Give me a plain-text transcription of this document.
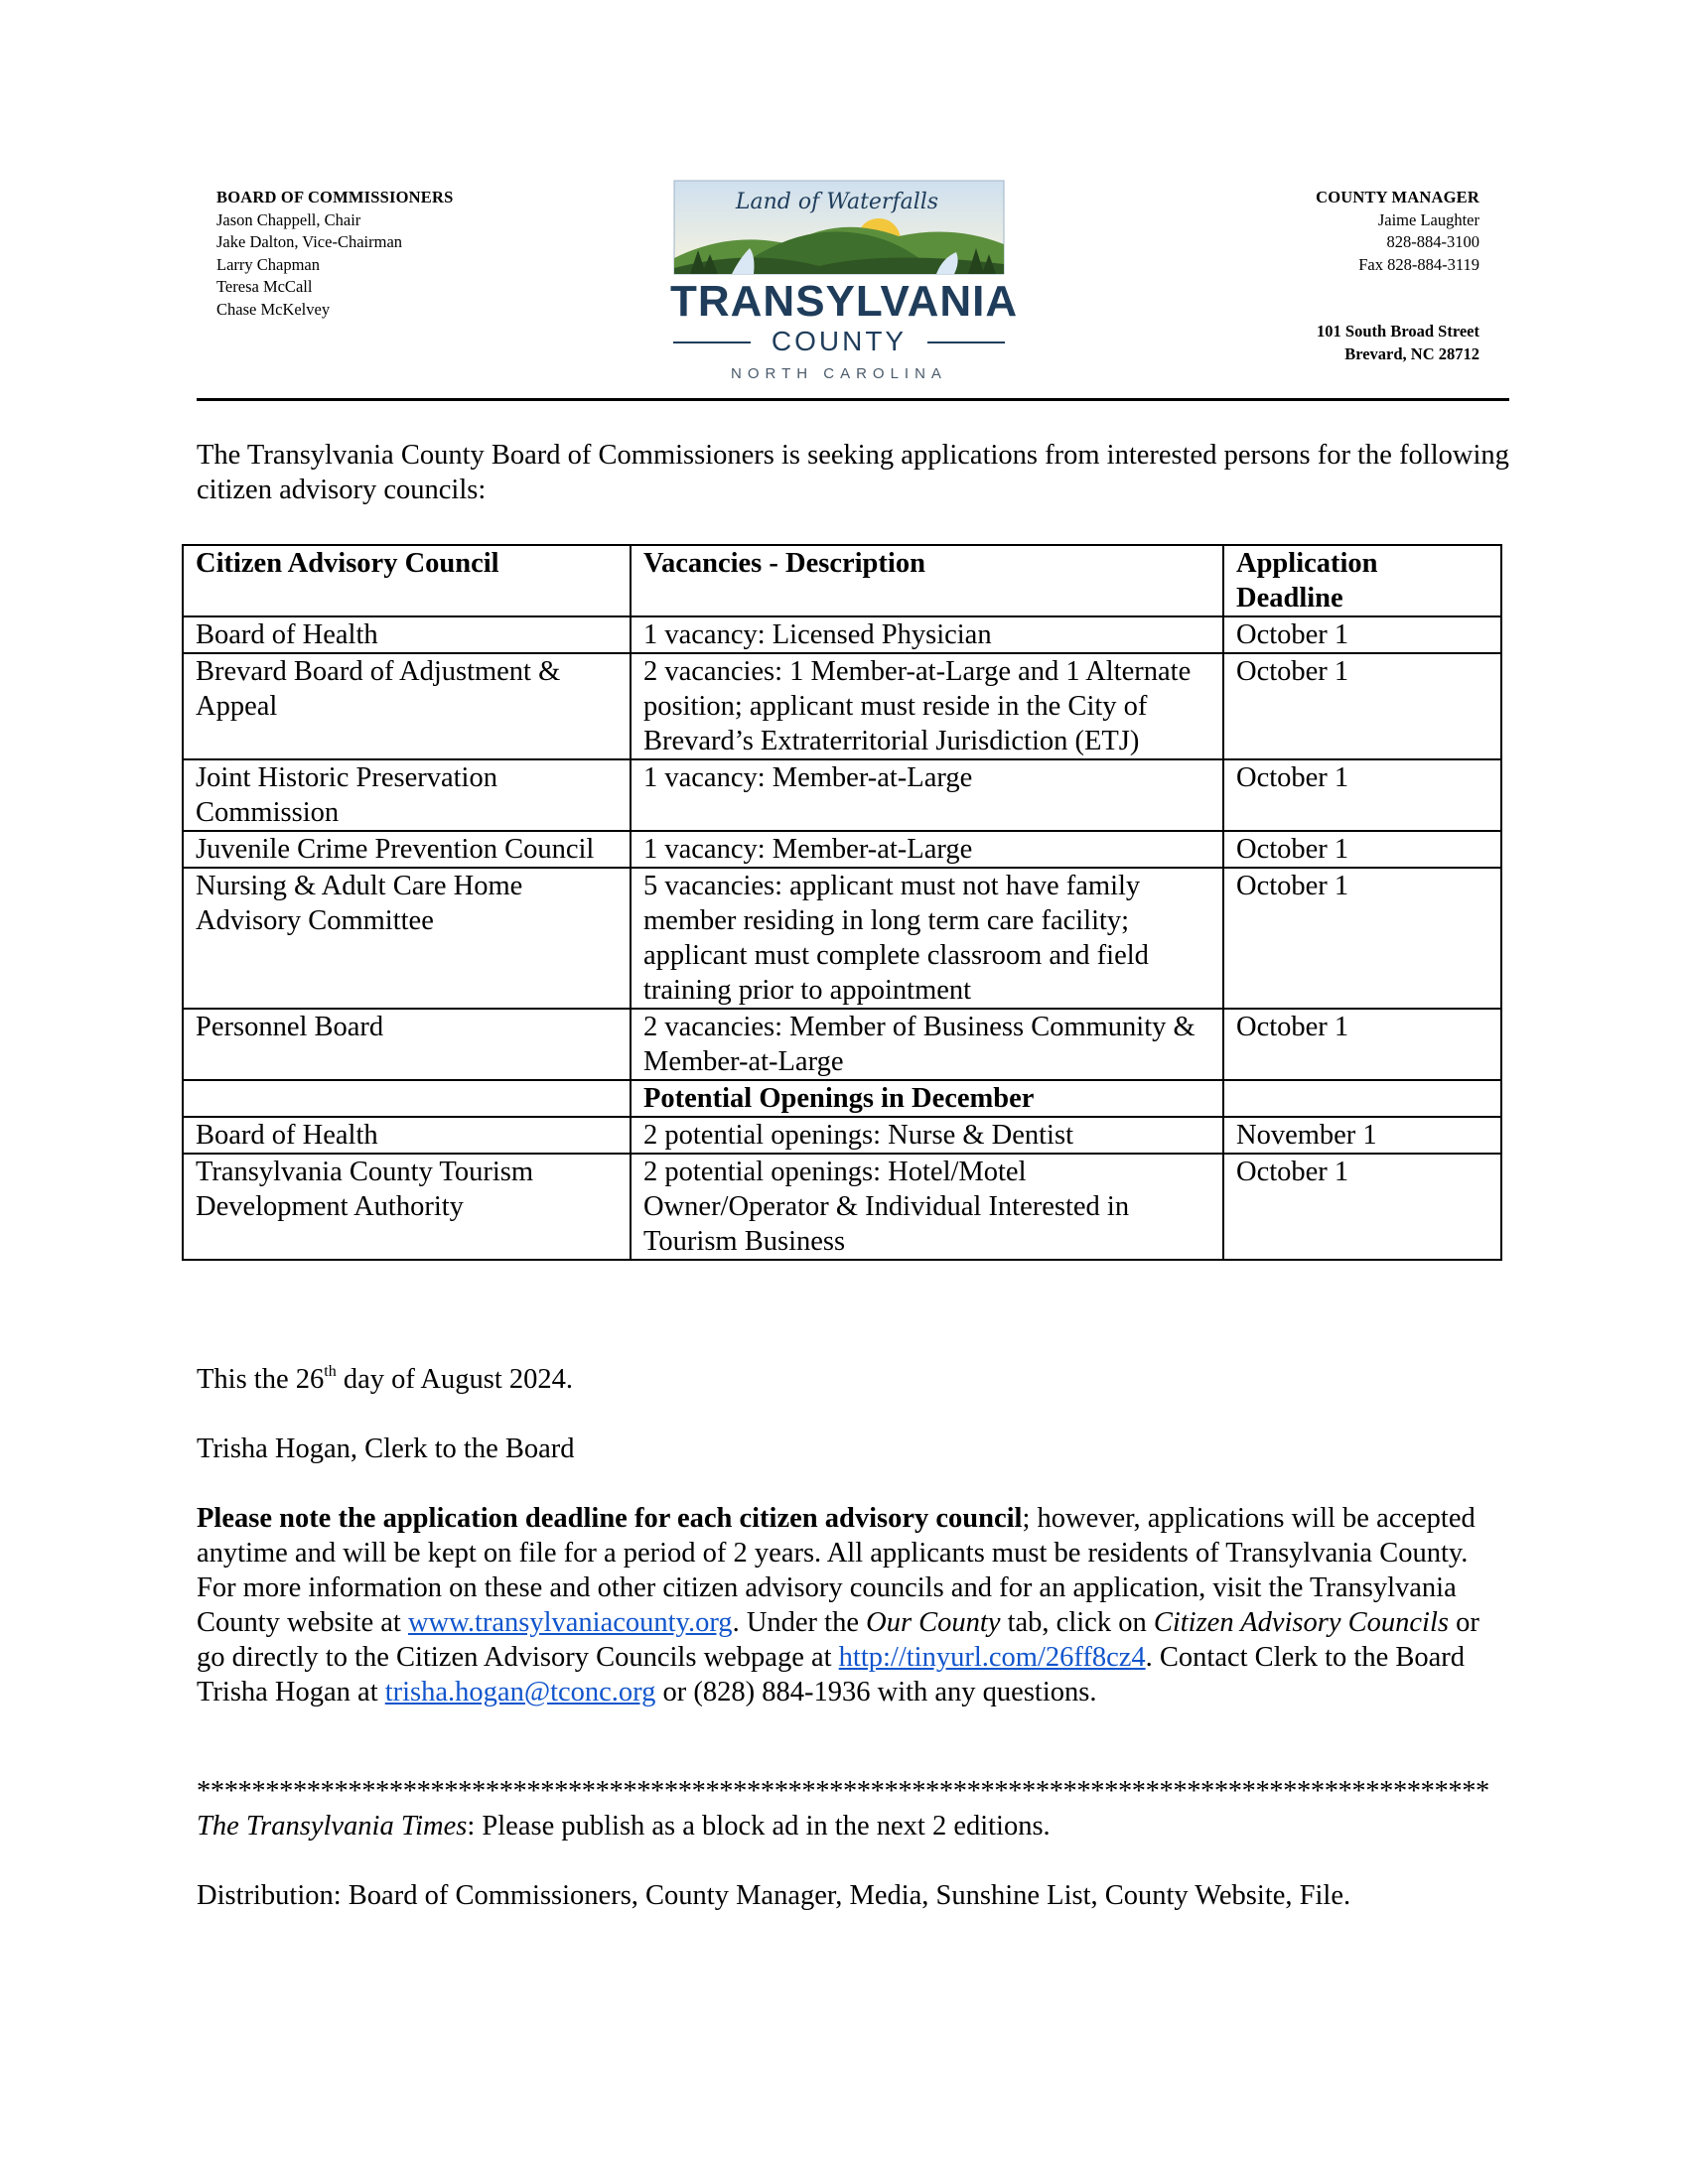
BOARD OF COMMISSIONERS
Jason Chappell, Chair
Jake Dalton, Vice-Chairman
Larry Chapman
Teresa McCall
Chase McKelvey
Land of Waterfalls
TRANSYLVANIA
COUNTY
NORTH CAROLINA
COUNTY MANAGER
Jaime Laughter
828-884-3100
Fax 828-884-3119
101 South Broad Street
Brevard, NC 28712
The Transylvania County Board of Commissioners is seeking applications from interested persons for the following citizen advisory councils:
Citizen Advisory Council	Vacancies - Description	Application Deadline
Board of Health	1 vacancy: Licensed Physician	October 1
Brevard Board of Adjustment & Appeal	2 vacancies: 1 Member-at-Large and 1 Alternate position; applicant must reside in the City of Brevard’s Extraterritorial Jurisdiction (ETJ)	October 1
Joint Historic Preservation Commission	1 vacancy: Member-at-Large	October 1
Juvenile Crime Prevention Council	1 vacancy: Member-at-Large	October 1
Nursing & Adult Care Home Advisory Committee	5 vacancies: applicant must not have family member residing in long term care facility; applicant must complete classroom and field training prior to appointment	October 1
Personnel Board	2 vacancies: Member of Business Community & Member-at-Large	October 1
	Potential Openings in December	
Board of Health	2 potential openings: Nurse & Dentist	November 1
Transylvania County Tourism Development Authority	2 potential openings: Hotel/Motel Owner/Operator & Individual Interested in Tourism Business	October 1
This the 26th day of August 2024.
Trisha Hogan, Clerk to the Board
Please note the application deadline for each citizen advisory council; however, applications will be accepted anytime and will be kept on file for a period of 2 years. All applicants must be residents of Transylvania County. For more information on these and other citizen advisory councils and for an application, visit the Transylvania County website at www.transylvaniacounty.org. Under the Our County tab, click on Citizen Advisory Councils or go directly to the Citizen Advisory Councils webpage at http://tinyurl.com/26ff8cz4. Contact Clerk to the Board Trisha Hogan at trisha.hogan@tconc.org or (828) 884-1936 with any questions.
**********************************************************************************************
The Transylvania Times: Please publish as a block ad in the next 2 editions.
Distribution: Board of Commissioners, County Manager, Media, Sunshine List, County Website, File.
